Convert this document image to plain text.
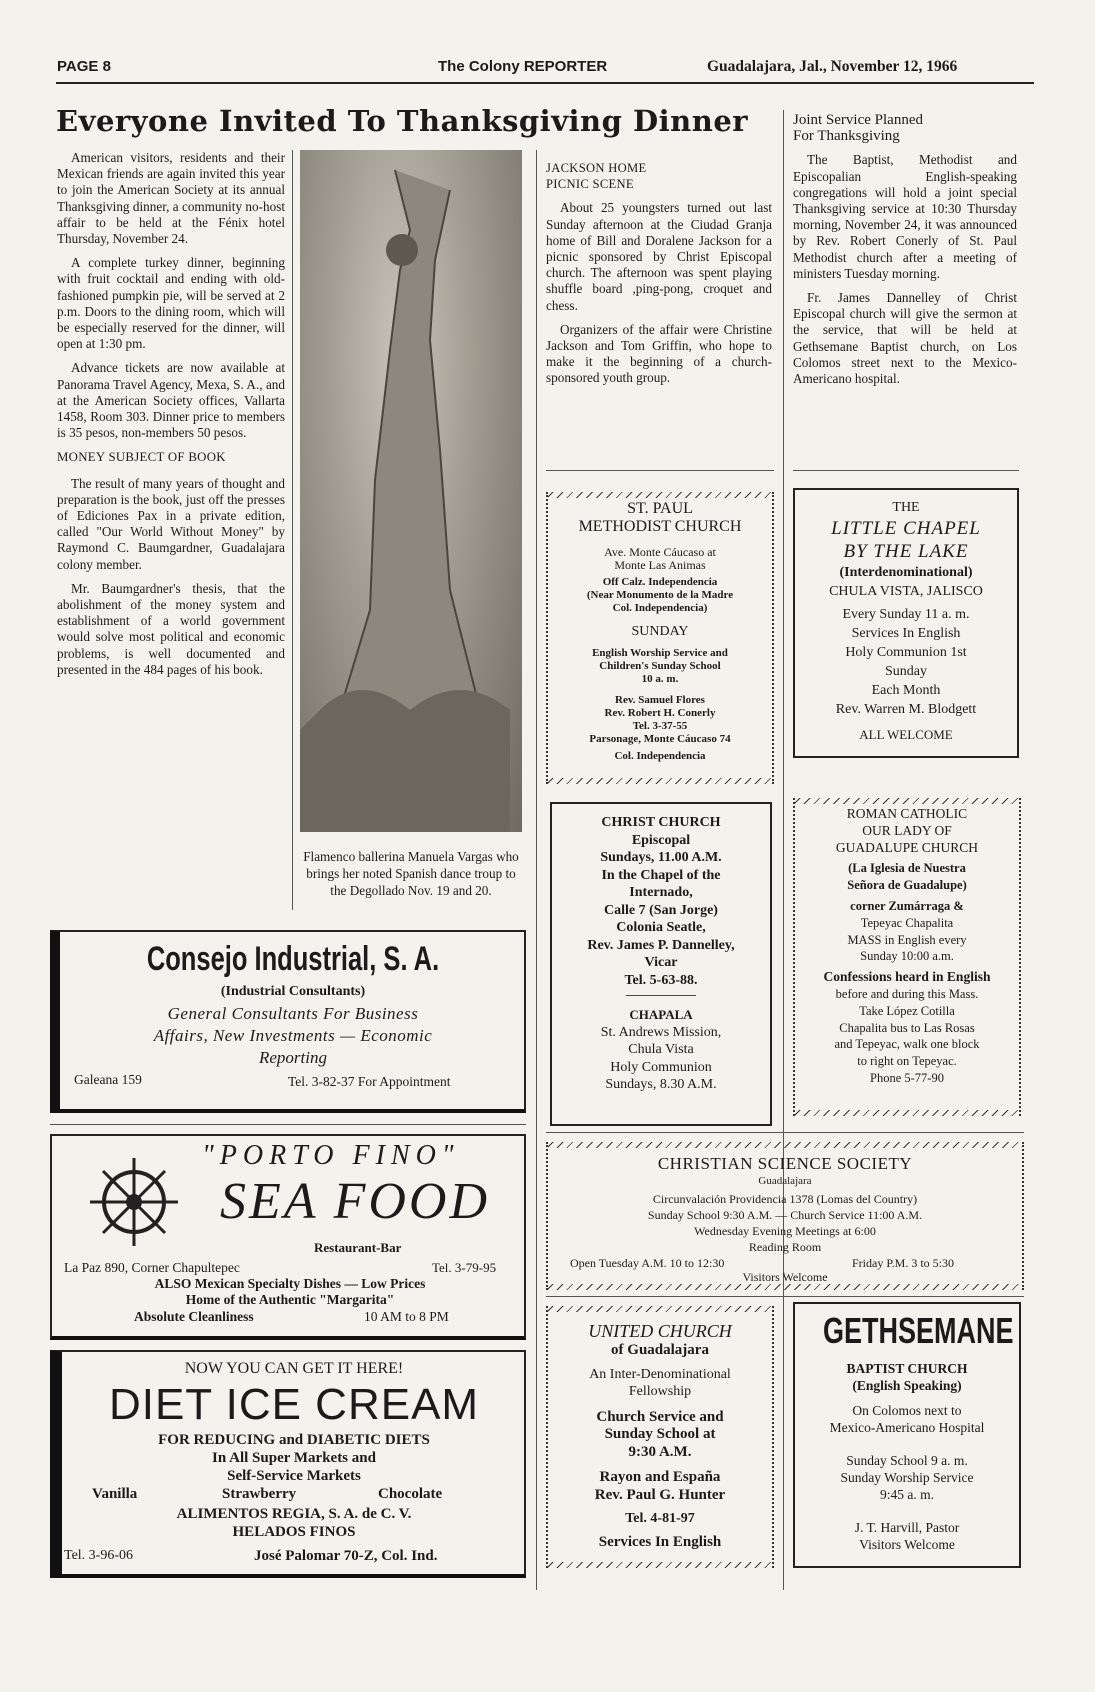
PAGE 8	The Colony REPORTER	Guadalajara, Jal., November 12, 1966
Everyone Invited To Thanksgiving Dinner

American visitors, residents and their Mexican friends are again invited this year to join the American Society at its annual Thanksgiving dinner, a community no-host affair to be held at the Fénix hotel Thursday, November 24.

A complete turkey dinner, beginning with fruit cocktail and ending with old-fashioned pumpkin pie, will be served at 2 p.m. Doors to the dining room, which will be especially reserved for the dinner, will open at 1:30 pm.

Advance tickets are now available at Panorama Travel Agency, Mexa, S. A., and at the American Society offices, Vallarta 1458, Room 303. Dinner price to members is 35 pesos, non-members 50 pesos.

MONEY SUBJECT OF BOOK

The result of many years of thought and preparation is the book, just off the presses of Ediciones Pax in a private edition, called "Our World Without Money" by Raymond C. Baumgardner, Guadalajara colony member.

Mr. Baumgardner's thesis, that the abolishment of the money system and establishment of a world government would solve most political and economic problems, is well documented and presented in the 484 pages of his book.

Flamenco ballerina Manuela Vargas who brings her noted Spanish dance troup to the Degollado Nov. 19 and 20.
JACKSON HOME
PICNIC SCENE

About 25 youngsters turned out last Sunday afternoon at the Ciudad Granja home of Bill and Doralene Jackson for a picnic sponsored by Christ Episcopal church. The afternoon was spent playing shuffle board ,ping-pong, croquet and chess.

Organizers of the affair were Christine Jackson and Tom Griffin, who hope to make it the beginning of a church-sponsored youth group.

Joint Service Planned
For Thanksgiving

The Baptist, Methodist and Episcopalian English-speaking congregations will hold a joint special Thanksgiving service at 10:30 Thursday morning, November 24, it was announced by Rev. Robert Conerly of St. Paul Methodist church after a meeting of ministers Tuesday morning.

Fr. James Dannelley of Christ Episcopal church will give the sermon at the service, that will be held at Gethsemane Baptist church, on Los Colomos street next to the Mexico-Americano hospital.

ST. PAUL
METHODIST CHURCH
Ave. Monte Cáucaso at
Monte Las Animas
Off Calz. Independencia
(Near Monumento de la Madre
Col. Independencia)
SUNDAY
English Worship Service and
Children's Sunday School
10 a. m.
Rev. Samuel Flores
Rev. Robert H. Conerly
Tel. 3-37-55
Parsonage, Monte Cáucaso 74
Col. Independencia
THE
LITTLE CHAPEL
BY THE LAKE
(Interdenominational)
CHULA VISTA, JALISCO
Every Sunday 11 a. m.
Services In English
Holy Communion 1st
Sunday
Each Month
Rev. Warren M. Blodgett
ALL WELCOME
CHRIST CHURCH
Episcopal
Sundays, 11.00 A.M.
In the Chapel of the
Internado,
Calle 7 (San Jorge)
Colonia Seatle,
Rev. James P. Dannelley,
Vicar
Tel. 5-63-88.
CHAPALA
St. Andrews Mission,
Chula Vista
Holy Communion
Sundays, 8.30 A.M.
ROMAN CATHOLIC
OUR LADY OF
GUADALUPE CHURCH
(La Iglesia de Nuestra
Señora de Guadalupe)
corner Zumárraga &
Tepeyac Chapalita
MASS in English every
Sunday 10:00 a.m.
Confessions heard in English
before and during this Mass.
Take López Cotilla
Chapalita bus to Las Rosas
and Tepeyac, walk one block
to right on Tepeyac.
Phone 5-77-90
Consejo Industrial, S. A.
(Industrial Consultants)
General Consultants For Business
Affairs, New Investments — Economic
Reporting
Galeana 159	Tel. 3-82-37 For Appointment
"PORTO FINO"
SEA FOOD
Restaurant-Bar
La Paz 890, Corner Chapultepec	Tel. 3-79-95
ALSO Mexican Specialty Dishes — Low Prices
Home of the Authentic "Margarita"
Absolute Cleanliness	10 AM to 8 PM
CHRISTIAN SCIENCE SOCIETY
Guadalajara
Circunvalación Providencia 1378 (Lomas del Country)
Sunday School 9:30 A.M. — Church Service 11:00 A.M.
Wednesday Evening Meetings at 6:00
Reading Room
Open Tuesday A.M. 10 to 12:30	Friday P.M. 3 to 5:30
Visitors Welcome
NOW YOU CAN GET IT HERE!
DIET ICE CREAM
FOR REDUCING and DIABETIC DIETS
In All Super Markets and
Self-Service Markets
Vanilla	Strawberry	Chocolate
ALIMENTOS REGIA, S. A. de C. V.
HELADOS FINOS
Tel. 3-96-06	José Palomar 70-Z, Col. Ind.
UNITED CHURCH
of Guadalajara
An Inter-Denominational
Fellowship
Church Service and
Sunday School at
9:30 A.M.
Rayon and España
Rev. Paul G. Hunter
Tel. 4-81-97
Services In English
GETHSEMANE
BAPTIST CHURCH
(English Speaking)
On Colomos next to
Mexico-Americano Hospital
Sunday School 9 a. m.
Sunday Worship Service
9:45 a. m.
J. T. Harvill, Pastor
Visitors Welcome
